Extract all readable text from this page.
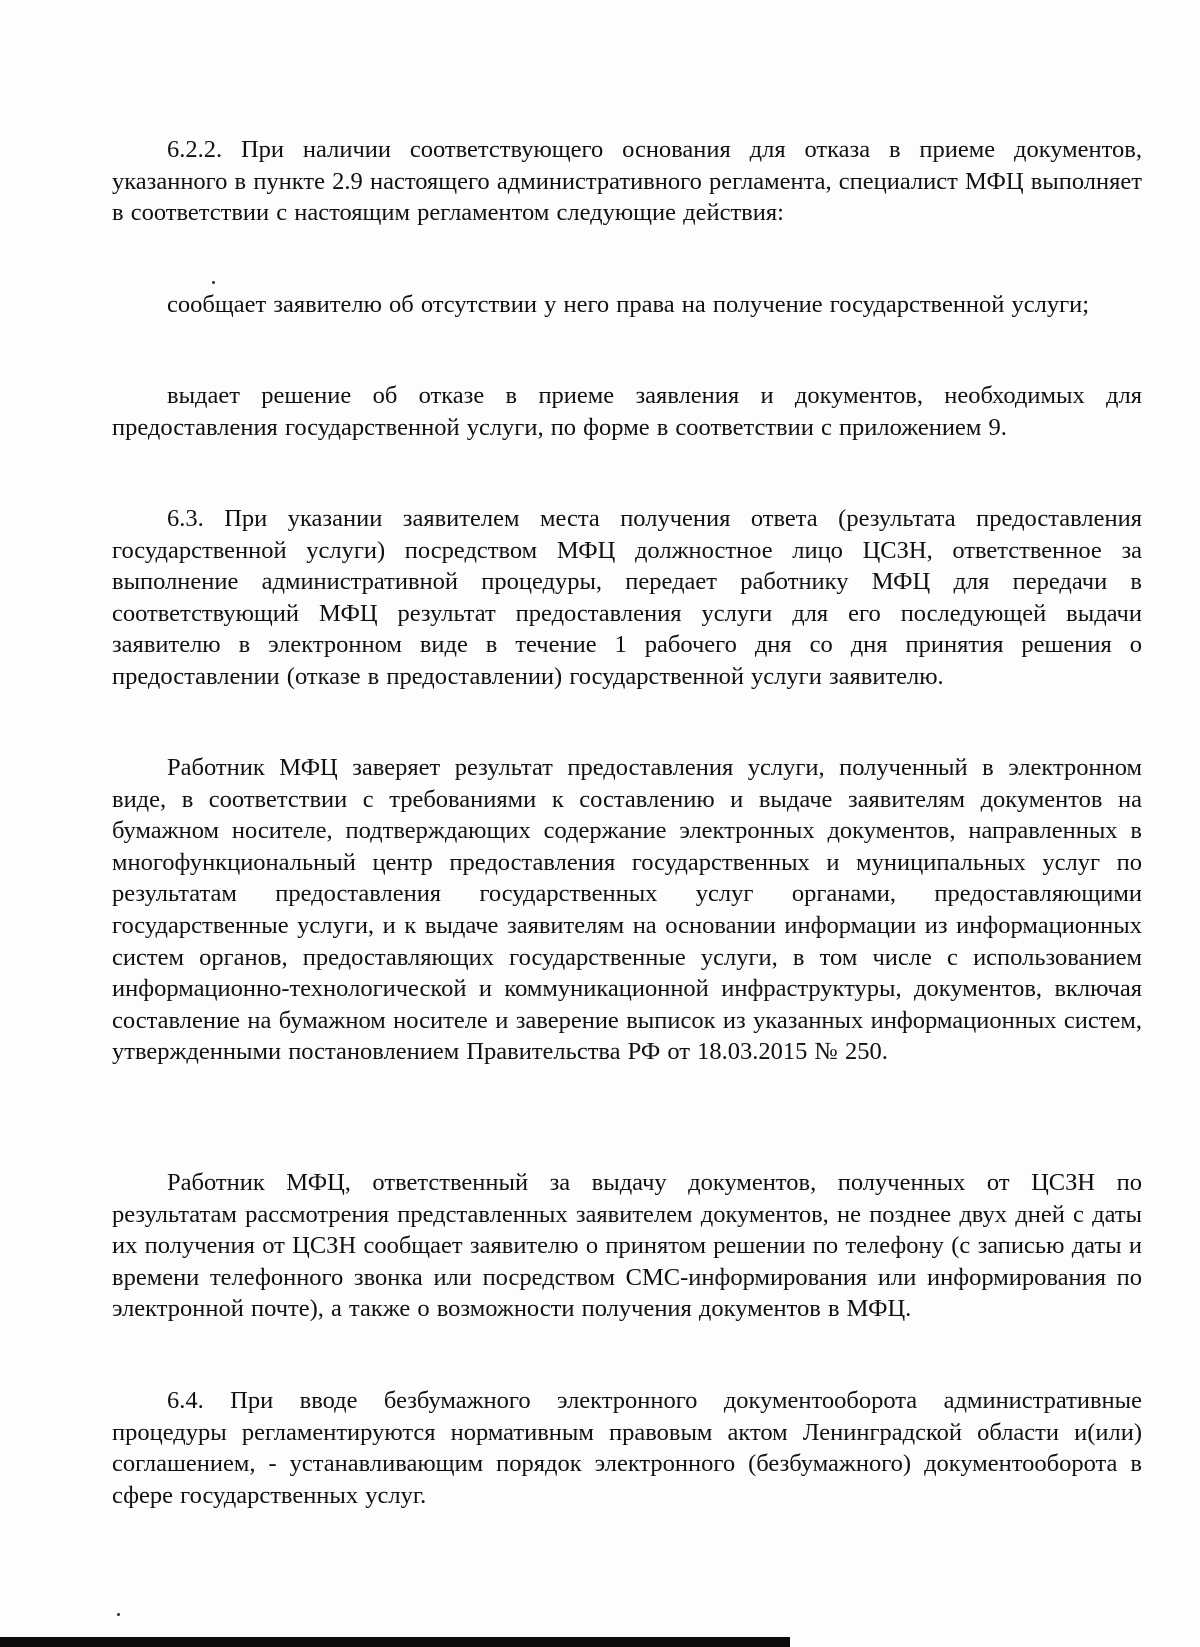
6.2.2. При наличии соответствующего основания для отказа в приеме документов, указанного в пункте 2.9 настоящего административного регламента, специалист МФЦ выполняет в соответствии с настоящим регламентом следующие действия:

сообщает заявителю об отсутствии у него права на получение государственной услуги;

выдает решение об отказе в приеме заявления и документов, необходимых для предоставления государственной услуги, по форме в соответствии с приложением 9.

6.3. При указании заявителем места получения ответа (результата предоставления государственной услуги) посредством МФЦ должностное лицо ЦСЗН, ответственное за выполнение административной процедуры, передает работнику МФЦ для передачи в соответствующий МФЦ результат предоставления услуги для его последующей выдачи заявителю в электронном виде в течение 1 рабочего дня со дня принятия решения о предоставлении (отказе в предоставлении) государственной услуги заявителю.

Работник МФЦ заверяет результат предоставления услуги, полученный в электронном виде, в соответствии с требованиями к составлению и выдаче заявителям документов на бумажном носителе, подтверждающих содержание электронных документов, направленных в многофункциональный центр предоставления государственных и муниципальных услуг по результатам предоставления государственных услуг органами, предоставляющими государственные услуги, и к выдаче заявителям на основании информации из информационных систем органов, предоставляющих государственные услуги, в том числе с использованием информационно-технологической и коммуникационной инфраструктуры, документов, включая составление на бумажном носителе и заверение выписок из указанных информационных систем, утвержденными постановлением Правительства РФ от 18.03.2015 № 250.

Работник МФЦ, ответственный за выдачу документов, полученных от ЦСЗН по результатам рассмотрения представленных заявителем документов, не позднее двух дней с даты их получения от ЦСЗН сообщает заявителю о принятом решении по телефону (с записью даты и времени телефонного звонка или посредством СМС-информирования или информирования по электронной почте), а также о возможности получения документов в МФЦ.

6.4. При вводе безбумажного электронного документооборота административные процедуры регламентируются нормативным правовым актом Ленинградской области и(или) соглашением, - устанавливающим порядок электронного (безбумажного) документооборота в сфере государственных услуг.
